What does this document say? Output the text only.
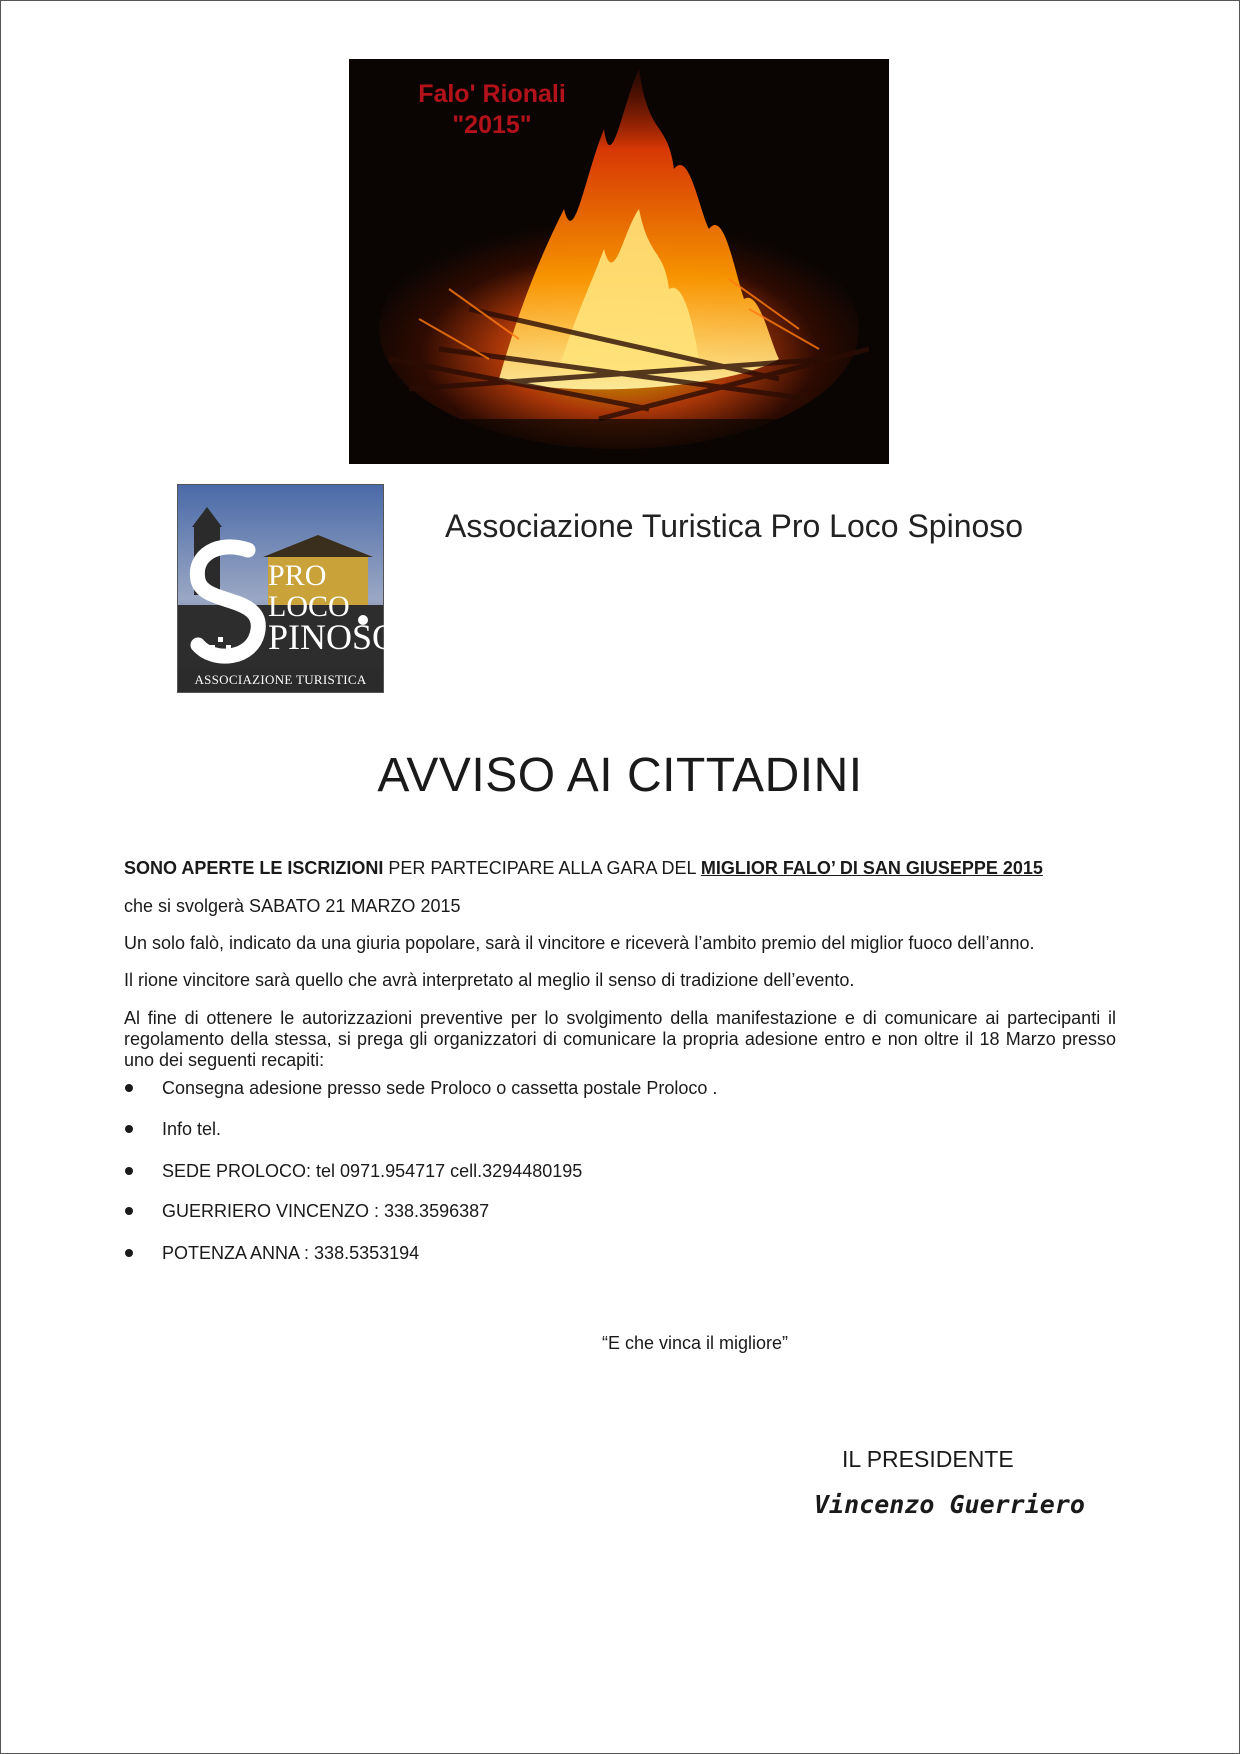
Falo' Rionali
"2015"
PRO
LOCO
PINOSO
ASSOCIAZIONE TURISTICA
Associazione Turistica Pro Loco Spinoso
AVVISO AI CITTADINI
SONO APERTE LE ISCRIZIONI PER PARTECIPARE ALLA GARA DEL MIGLIOR FALO’ DI SAN GIUSEPPE 2015
che si svolgerà SABATO 21 MARZO 2015
Un solo falò, indicato da una giuria popolare, sarà il vincitore e riceverà l’ambito premio del miglior fuoco dell’anno.
Il rione vincitore sarà quello che avrà interpretato al meglio il senso di tradizione dell’evento.
Al fine di ottenere le autorizzazioni preventive per lo svolgimento della manifestazione e di comunicare ai partecipanti il regolamento della stessa, si prega gli organizzatori di comunicare la propria adesione entro e non oltre il 18 Marzo presso uno dei seguenti recapiti:
Consegna adesione presso sede Proloco o cassetta postale Proloco .
Info tel.
SEDE PROLOCO: tel 0971.954717 cell.3294480195
GUERRIERO VINCENZO : 338.3596387
POTENZA ANNA : 338.5353194
“E che vinca il migliore”
IL PRESIDENTE
Vincenzo Guerriero
